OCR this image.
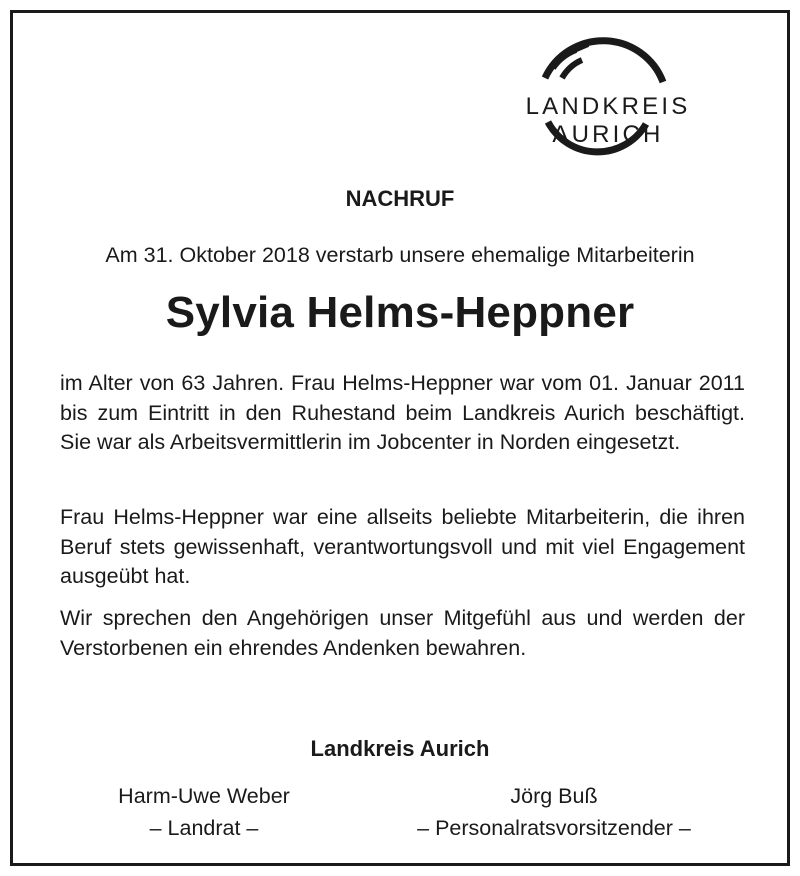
LANDKREIS AURICH
NACHRUF
Am 31. Oktober 2018 verstarb unsere ehemalige Mitarbeiterin
Sylvia Helms-Heppner
im Alter von 63 Jahren. Frau Helms-Heppner war vom 01. Januar 2011 bis zum Eintritt in den Ruhestand beim Landkreis Aurich beschäftigt. Sie war als Arbeitsvermittlerin im Jobcenter in Norden eingesetzt.
Frau Helms-Heppner war eine allseits beliebte Mitarbeiterin, die ihren Beruf stets gewissenhaft, verantwortungsvoll und mit viel Engagement ausgeübt hat.
Wir sprechen den Angehörigen unser Mitgefühl aus und werden der Verstorbenen ein ehrendes Andenken bewahren.
Landkreis Aurich
Harm-Uwe Weber
– Landrat –
Jörg Buß
– Personalratsvorsitzender –
